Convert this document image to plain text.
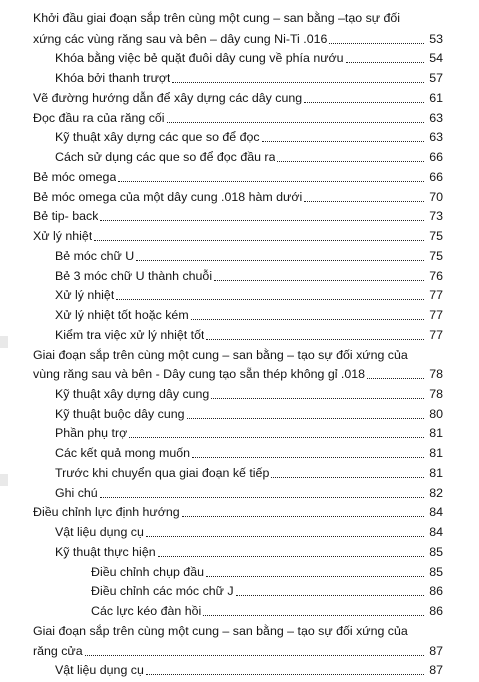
Khởi đầu giai đoạn sắp trên cùng một cung – san bằng –tạo sự đối
xứng các vùng răng sau và bên – dây cung Ni-Ti .016	53
Khóa bằng việc bẻ quặt đuôi dây cung về phía nướu	54
Khóa bởi thanh trượt	57
Vẽ đường hướng dẫn để xây dựng các dây cung	61
Đọc đầu ra của răng cối	63
Kỹ thuật xây dựng các que so để đọc	63
Cách sử dụng các que so để đọc đầu ra	66
Bẻ móc omega	66
Bẻ móc omega của một dây cung .018 hàm dưới	70
Bẻ tip- back	73
Xử lý nhiệt	75
Bẻ móc chữ U	75
Bẻ 3 móc chữ U thành chuỗi	76
Xử lý nhiệt	77
Xử lý nhiệt tốt hoặc kém	77
Kiểm tra việc xử lý nhiệt tốt	77
Giai đoạn sắp trên cùng một cung – san bằng – tạo sự đối xứng của
vùng răng sau và bên - Dây cung tạo sẵn thép không gỉ .018	78
Kỹ thuật xây dựng dây cung	78
Kỹ thuật buộc dây cung	80
Phần phụ trợ	81
Các kết quả mong muốn	81
Trước khi chuyển qua giai đoạn kế tiếp	81
Ghi chú	82
Điều chỉnh lực định hướng	84
Vật liệu dụng cụ	84
Kỹ thuật thực hiện	85
Điều chỉnh chụp đầu	85
Điều chỉnh các móc chữ J	86
Các lực kéo đàn hồi	86
Giai đoạn sắp trên cùng một cung – san bằng – tạo sự đối xứng của
răng cửa	87
Vật liệu dụng cụ	87
